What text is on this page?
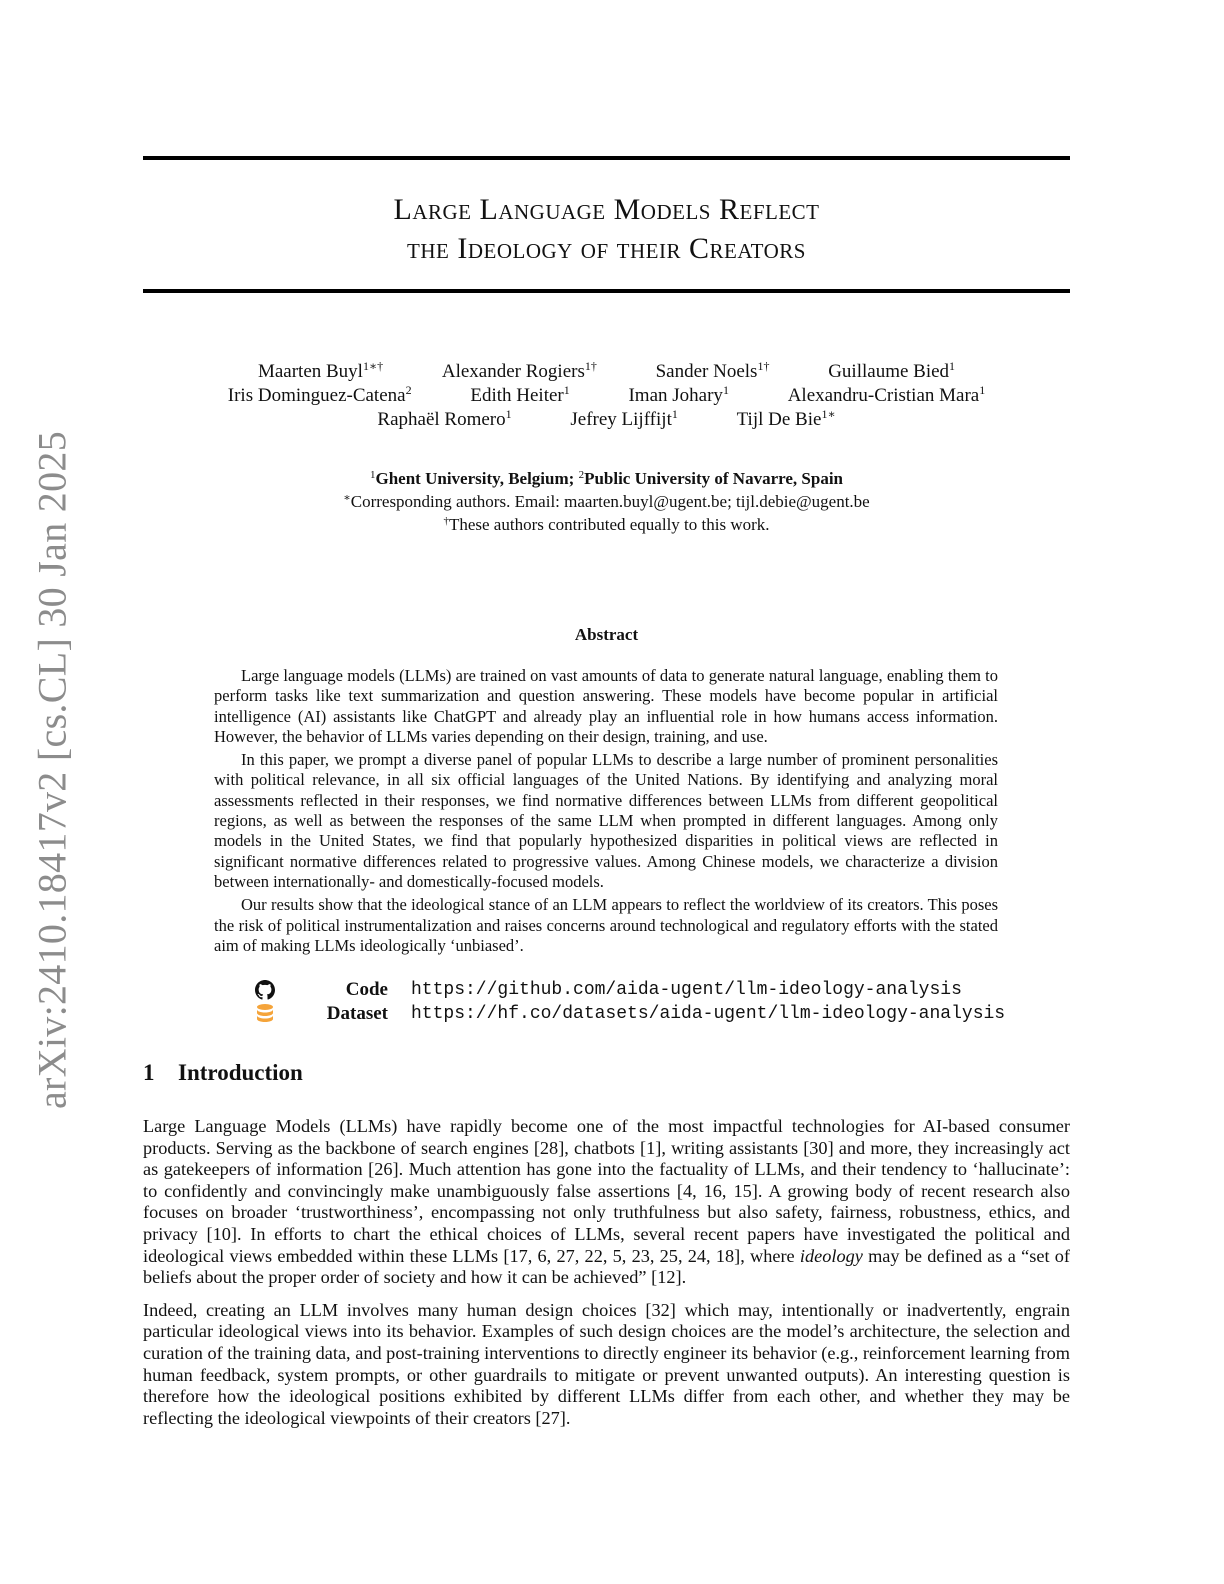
arXiv:2410.18417v2 [cs.CL] 30 Jan 2025
Large Language Models Reflect
the Ideology of their Creators
Maarten Buyl$^{1∗\dagger}$	Alexander Rogiers$^{1\dagger}$	Sander Noels$^{1\dagger}$	Guillaume Bied$^1$
Iris Dominguez-Catena$^2$	Edith Heiter$^1$	Iman Johary$^1$	Alexandru-Cristian Mara$^1$
Raphaël Romero$^1$	Jefrey Lijffijt$^1$	Tijl De Bie$^{1∗}$
$^1$Ghent University, Belgium; $^2$Public University of Navarre, Spain
∗Corresponding authors. Email: maarten.buyl@ugent.be; tijl.debie@ugent.be
†These authors contributed equally to this work.
Abstract

Large language models (LLMs) are trained on vast amounts of data to generate natural language, enabling them to perform tasks like text summarization and question answering. These models have become popular in artificial intelligence (AI) assistants like ChatGPT and already play an influential role in how humans access information. However, the behavior of LLMs varies depending on their design, training, and use.

In this paper, we prompt a diverse panel of popular LLMs to describe a large number of prominent personalities with political relevance, in all six official languages of the United Nations. By identifying and analyzing moral assessments reflected in their responses, we find normative differences between LLMs from different geopolitical regions, as well as between the responses of the same LLM when prompted in different languages. Among only models in the United States, we find that popularly hypothesized disparities in political views are reflected in significant normative differences related to progressive values. Among Chinese models, we characterize a division between internationally- and domestically-focused models.

Our results show that the ideological stance of an LLM appears to reflect the worldview of its creators. This poses the risk of political instrumentalization and raises concerns around technological and regulatory efforts with the stated aim of making LLMs ideologically ‘unbiased’.

Code https://github.com/aida-ugent/llm-ideology-analysis
Dataset https://hf.co/datasets/aida-ugent/llm-ideology-analysis
1 Introduction

Large Language Models (LLMs) have rapidly become one of the most impactful technologies for AI-based consumer products. Serving as the backbone of search engines [28], chatbots [1], writing assistants [30] and more, they increasingly act as gatekeepers of information [26]. Much attention has gone into the factuality of LLMs, and their tendency to ‘hallucinate’: to confidently and convincingly make unambiguously false assertions [4, 16, 15]. A growing body of recent research also focuses on broader ‘trustworthiness’, encompassing not only truthfulness but also safety, fairness, robustness, ethics, and privacy [10]. In efforts to chart the ethical choices of LLMs, several recent papers have investigated the political and ideological views embedded within these LLMs [17, 6, 27, 22, 5, 23, 25, 24, 18], where ideology may be defined as a “set of beliefs about the proper order of society and how it can be achieved” [12].

Indeed, creating an LLM involves many human design choices [32] which may, intentionally or inadvertently, engrain particular ideological views into its behavior. Examples of such design choices are the model’s architecture, the selection and curation of the training data, and post-training interventions to directly engineer its behavior (e.g., reinforcement learning from human feedback, system prompts, or other guardrails to mitigate or prevent unwanted outputs). An interesting question is therefore how the ideological positions exhibited by different LLMs differ from each other, and whether they may be reflecting the ideological viewpoints of their creators [27].
